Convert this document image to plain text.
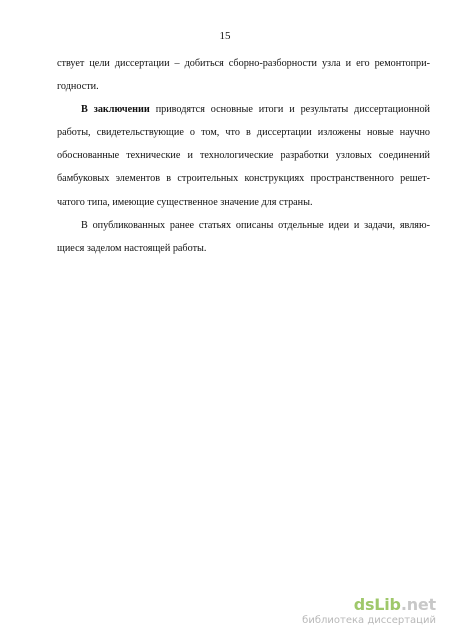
15
ствует цели диссертации – добиться сборно-разборности узла и его ремонтопри-
годности.
В заключении приводятся основные итоги и результаты диссертационной
работы, свидетельствующие о том, что в диссертации изложены новые научно
обоснованные технические и технологические разработки узловых соединений
бамбуковых элементов в строительных конструкциях пространственного решет-
чатого типа, имеющие существенное значение для страны.
В опубликованных ранее статьях описаны отдельные идеи и задачи, являю-
щиеся заделом настоящей работы.
dsLib.net
библиотека диссертаций
